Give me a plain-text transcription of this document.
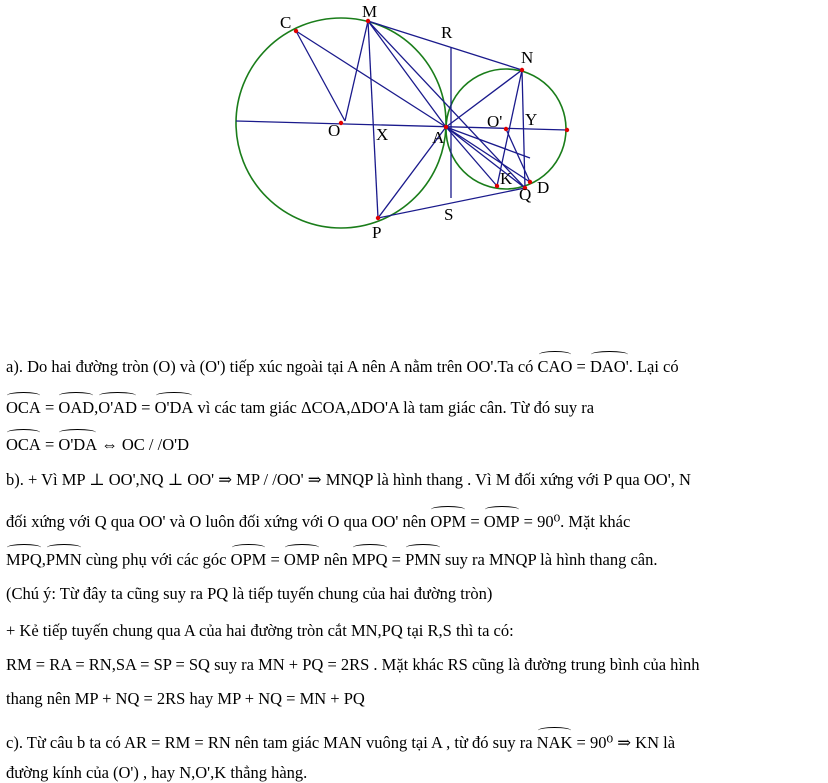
C
M
R
N
O X	A
O' Y
K D
Q
S
P
a). Do hai đường tròn (O) và (O') tiếp xúc ngoài tại A nên A nằm trên OO'.Ta có CAO = DAO'. Lại có
OCA = OAD,O'AD = O'DA vì các tam giác ΔCOA,ΔDO'A là tam giác cân. Từ đó suy ra
OCA = O'DA ⇔ OC / /O'D
b). + Vì MP ⊥ OO',NQ ⊥ OO' ⇒ MP / /OO' ⇒ MNQP là hình thang . Vì M đối xứng với P qua OO', N
đối xứng với Q qua OO' và O luôn đối xứng với O qua OO' nên OPM = OMP = 90⁰. Mặt khác
MPQ,PMN cùng phụ với các góc OPM = OMP nên MPQ = PMN suy ra MNQP là hình thang cân.
(Chú ý: Từ đây ta cũng suy ra PQ là tiếp tuyến chung của hai đường tròn)
+ Kẻ tiếp tuyến chung qua A của hai đường tròn cắt MN,PQ tại R,S thì ta có:
RM = RA = RN,SA = SP = SQ suy ra MN + PQ = 2RS . Mặt khác RS cũng là đường trung bình của hình
thang nên MP + NQ = 2RS hay MP + NQ = MN + PQ
c). Từ câu b ta có AR = RM = RN nên tam giác MAN vuông tại A , từ đó suy ra NAK = 90⁰ ⇒ KN là
đường kính của (O') , hay N,O',K thẳng hàng.
